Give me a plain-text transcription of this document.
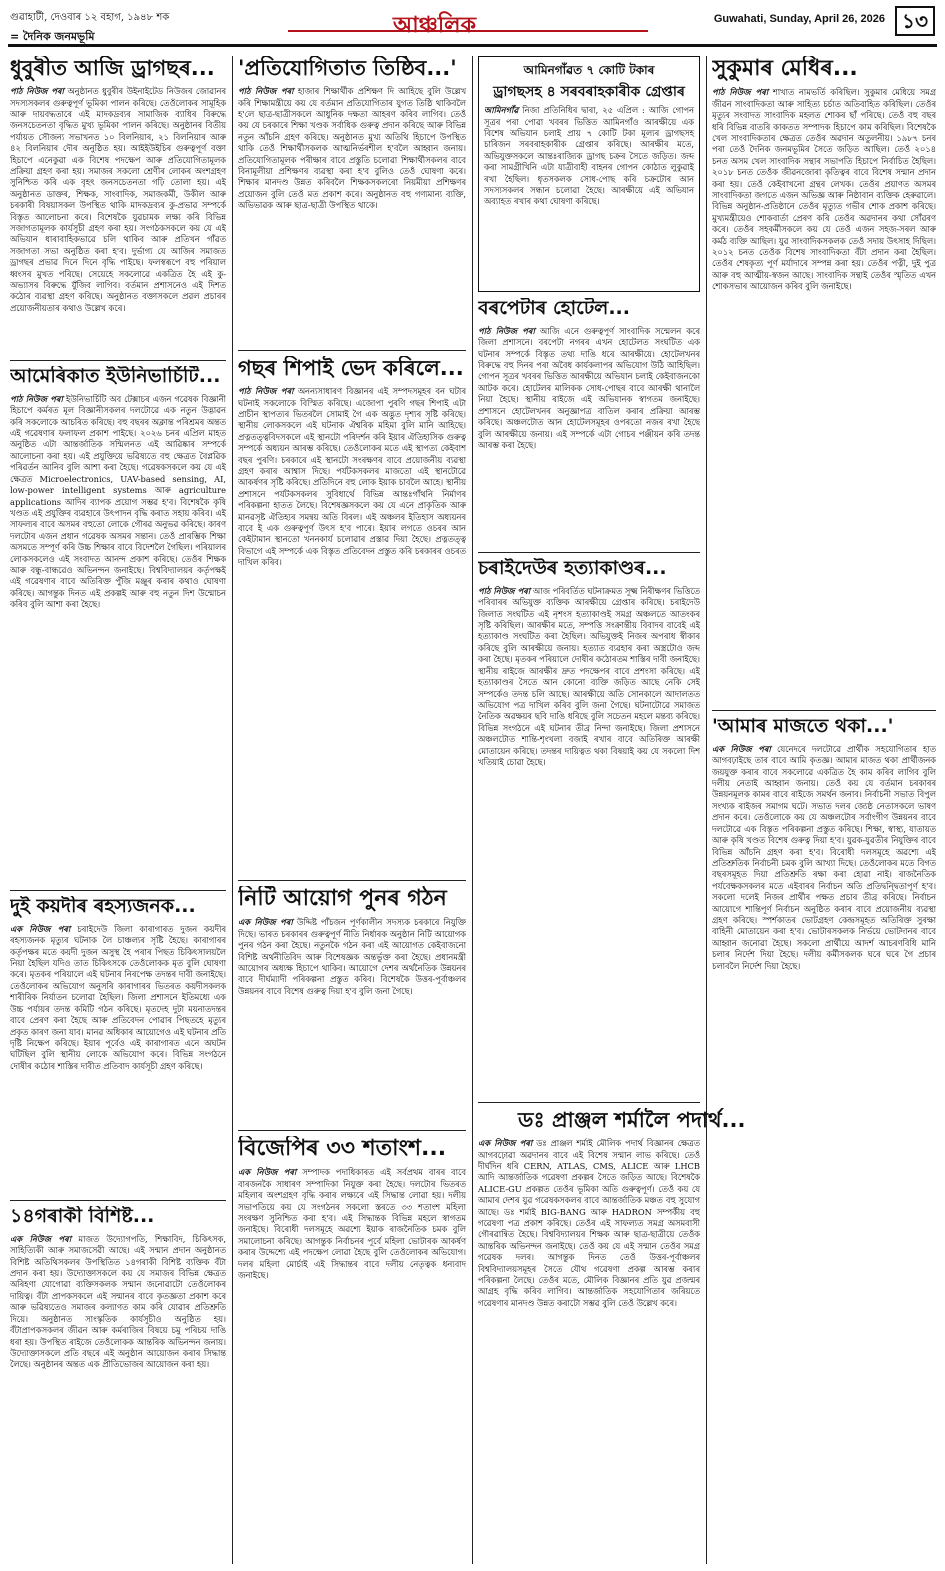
গুৱাহাটী, দেওবাৰ ১২ বহাগ, ১৯৪৮ শক
= দৈনিক জনমভূমি	আঞ্চলিক	Guwahati, Sunday, April 26, 2026 ১৩
ধুবুৰীত আজি ড্ৰাগছৰ...

পাঠ নিউজ পৰা অনুষ্ঠানত ধুবুৰীৰ উইনাইটেড নিউজৰ জোৱানৰ সদস্যসকলৰ গুৰুত্বপূৰ্ণ ভূমিকা পালন কৰিছে। তেওঁলোকৰ সামূহিক আৰু দায়বদ্ধতাৰে এই মাদকদ্ৰব্যৰ সামাজিক ব্যাধিৰ বিৰুদ্ধে জনসচেতনতা বৃদ্ধিত মুখ্য ভূমিকা পালন কৰিছে। অনুষ্ঠানৰ বিতীয় পৰ্যায়ত সৌজন্য সভাখনত ১০ বিলনিয়াৰ, ২১ বিলনিয়াৰ আৰু ৪২ বিলনিয়াৰ দৌৰ অনুষ্ঠিত হয়। আইইউইচিৰ গুৰুত্বপূৰ্ণ বক্তা হিচাপে এনেকুৱা এক বিশেষ পদক্ষেপ আৰু প্ৰতিযোগিতামূলক প্ৰক্ৰিয়া গ্ৰহণ কৰা হয়। সমাজৰ সকলো শ্ৰেণীৰ লোকৰ অংশগ্ৰহণ সুনিশ্চিত কৰি এক বৃহৎ জনসচেতনতা গঢ়ি তোলা হয়। এই অনুষ্ঠানত ডাক্তৰ, শিক্ষক, সাংবাদিক, সমাজকৰ্মী, উকীল আৰু চৰকাৰী বিষয়াসকল উপস্থিত থাকি মাদকদ্ৰব্যৰ কু-প্ৰভাৱ সম্পৰ্কে বিস্তৃত আলোচনা কৰে। বিশেষকৈ যুৱচামক লক্ষ্য কৰি বিভিন্ন সজাগতামূলক কাৰ্যসূচী গ্ৰহণ কৰা হয়। সংগঠকসকলে কয় যে এই অভিযান ধাৰাবাহিকভাৱে চলি থাকিব আৰু প্ৰতিখন গাঁৱত সজাগতা সভা অনুষ্ঠিত কৰা হ'ব। দুৰ্ভাগ্য যে আজিৰ সমাজত ড্ৰাগছৰ প্ৰভাৱ দিনে দিনে বৃদ্ধি পাইছে। ফলস্বৰূপে বহু পৰিয়াল ধ্বংসৰ মুখত পৰিছে। সেয়েহে সকলোৱে একত্ৰিত হৈ এই কু-অভ্যাসৰ বিৰুদ্ধে যুঁজিব লাগিব। বৰ্তমান প্ৰশাসনেও এই দিশত কঠোৰ ব্যৱস্থা গ্ৰহণ কৰিছে। অনুষ্ঠানত বক্তাসকলে প্ৰৱল প্ৰচাৰৰ প্ৰয়োজনীয়তাৰ কথাও উল্লেখ কৰে।

আমেৰিকাত ইউনিভাৰ্চিটি...

পাঠ নিউজ পৰা ইউনিভাৰ্চিটি অব টেক্সাচৰ এজন গৱেষক বিজ্ঞানী হিচাপে কৰ্মৰত মূল বিজ্ঞানীসকলৰ দলটোৱে এক নতুন উদ্ভাৱন কৰি সকলোকে আচৰিত কৰিছে। বহু বছৰৰ অক্লান্ত পৰিশ্ৰমৰ অন্তত এই গৱেষণাৰ ফলাফল প্ৰকাশ পাইছে। ২০২৬ চনৰ এপ্ৰিল মাহত অনুষ্ঠিত এটা আন্তৰ্জাতিক সন্মিলনত এই আৱিষ্কাৰ সম্পৰ্কে আলোচনা কৰা হয়। এই প্ৰযুক্তিয়ে ভৱিষ্যতে বহু ক্ষেত্ৰত বৈপ্লৱিক পৰিৱৰ্তন আনিব বুলি আশা কৰা হৈছে। গৱেষকসকলে কয় যে এই ক্ষেত্ৰত Microelectronics, UAV-based sensing, AI, low-power intelligent systems আৰু agriculture applications আদিৰ ব্যাপক প্ৰয়োগ সম্ভৱ হ'ব। বিশেষকৈ কৃষি খণ্ডত এই প্ৰযুক্তিৰ ব্যৱহাৰে উৎপাদন বৃদ্ধি কৰাত সহায় কৰিব। এই সাফল্যৰ বাবে অসমৰ বহুতো লোকে গৌৰৱ অনুভৱ কৰিছে। কাৰণ দলটোৰ এজন প্ৰধান গৱেষক অসমৰ সন্তান। তেওঁ প্ৰাৰম্ভিক শিক্ষা অসমতে সম্পূৰ্ণ কৰি উচ্চ শিক্ষাৰ বাবে বিদেশলৈ গৈছিল। পৰিয়ালৰ লোকসকলেও এই সংবাদত আনন্দ প্ৰকাশ কৰিছে। তেওঁৰ শিক্ষক আৰু বন্ধু-বান্ধৱেও অভিনন্দন জনাইছে। বিশ্ববিদ্যালয়ৰ কৰ্তৃপক্ষই এই গৱেষণাৰ বাবে অতিৰিক্ত পুঁজি মঞ্জুৰ কৰাৰ কথাও ঘোষণা কৰিছে। আগন্তুক দিনত এই প্ৰকল্পই আৰু বহু নতুন দিশ উন্মোচন কৰিব বুলি আশা কৰা হৈছে।

দুই কয়দীৰ ৰহস্যজনক...

এক নিউজ পৰা চৰাইদেউ জিলা কাৰাগাৰত দুজন কয়দীৰ ৰহস্যজনক মৃত্যুৰ ঘটনাক লৈ চাঞ্চল্যৰ সৃষ্টি হৈছে। কাৰাগাৰৰ কৰ্তৃপক্ষৰ মতে কয়দী দুজন অসুস্থ হৈ পৰাৰ পিছত চিকিৎসালয়লৈ নিয়া হৈছিল যদিও তাত চিকিৎসকে তেওঁলোকক মৃত বুলি ঘোষণা কৰে। মৃতকৰ পৰিয়ালে এই ঘটনাৰ নিৰপেক্ষ তদন্তৰ দাবী জনাইছে। তেওঁলোকৰ অভিযোগ অনুসৰি কাৰাগাৰৰ ভিতৰত কয়দীসকলক শাৰীৰিক নিৰ্যাতন চলোৱা হৈছিল। জিলা প্ৰশাসনে ইতিমধ্যে এক উচ্চ পৰ্যায়ৰ তদন্ত কমিটি গঠন কৰিছে। মৃতদেহ দুটা ময়নাতদন্তৰ বাবে প্ৰেৰণ কৰা হৈছে আৰু প্ৰতিবেদন পোৱাৰ পিছতহে মৃত্যুৰ প্ৰকৃত কাৰণ জনা যাব। মানৱ অধিকাৰ আয়োগেও এই ঘটনাৰ প্ৰতি দৃষ্টি নিক্ষেপ কৰিছে। ইয়াৰ পূৰ্বেও এই কাৰাগাৰত এনে অঘটন ঘটিছিল বুলি স্থানীয় লোকে অভিযোগ কৰে। বিভিন্ন সংগঠনে দোষীৰ কঠোৰ শাস্তিৰ দাবীত প্ৰতিবাদ কাৰ্যসূচী গ্ৰহণ কৰিছে।

১৪গৰাকী বিশিষ্ট...

এক নিউজ পৰা মাজত উদ্যোগপতি, শিক্ষাবিদ, চিকিৎসক, সাহিত্যিকী আৰু সমাজসেৱী আছে। এই সন্মান প্ৰদান অনুষ্ঠানত বিশিষ্ট অতিথিসকলৰ উপস্থিতিত ১৪গৰাকী বিশিষ্ট ব্যক্তিক বঁটা প্ৰদান কৰা হয়। উদ্যোক্তাসকলে কয় যে সমাজৰ বিভিন্ন ক্ষেত্ৰত অৰিহণা যোগোৱা ব্যক্তিসকলক সন্মান জনোৱাটো তেওঁলোকৰ দায়িত্ব। বঁটা প্ৰাপকসকলে এই সন্মানৰ বাবে কৃতজ্ঞতা প্ৰকাশ কৰে আৰু ভৱিষ্যতেও সমাজৰ কল্যাণত কাম কৰি যোৱাৰ প্ৰতিশ্ৰুতি দিয়ে। অনুষ্ঠানত সাংস্কৃতিক কাৰ্যসূচীও অনুষ্ঠিত হয়। বঁটাপ্ৰাপকসকলৰ জীৱন আৰু কৰ্মৰাজিৰ বিষয়ে চমু পৰিচয় দাঙি ধৰা হয়। উপস্থিত ৰাইজে তেওঁলোকক আন্তৰিক অভিনন্দন জনায়। উদ্যোক্তাসকলে প্ৰতি বছৰে এই অনুষ্ঠান আয়োজন কৰাৰ সিদ্ধান্ত লৈছে। অনুষ্ঠানৰ অন্তত এক প্ৰীতিভোজৰ আয়োজন কৰা হয়।

'প্ৰতিযোগিতাত তিষ্ঠিব...'

পাঠ নিউজ পৰা হাজাৰ শিক্ষাৰ্থীক প্ৰশিক্ষণ দি আহিছে বুলি উল্লেখ কৰি শিক্ষামন্ত্ৰীয়ে কয় যে বৰ্তমান প্ৰতিযোগিতাৰ যুগত তিষ্ঠি থাকিবলৈ হ'লে ছাত্ৰ-ছাত্ৰীসকলে আধুনিক দক্ষতা আহৰণ কৰিব লাগিব। তেওঁ কয় যে চৰকাৰে শিক্ষা খণ্ডক সৰ্বাধিক গুৰুত্ব প্ৰদান কৰিছে আৰু বিভিন্ন নতুন আঁচনি গ্ৰহণ কৰিছে। অনুষ্ঠানত মুখ্য অতিথি হিচাপে উপস্থিত থাকি তেওঁ শিক্ষাৰ্থীসকলক আত্মনিৰ্ভৰশীল হ'বলৈ আহ্বান জনায়। প্ৰতিযোগিতামূলক পৰীক্ষাৰ বাবে প্ৰস্তুতি চলোৱা শিক্ষাৰ্থীসকলৰ বাবে বিনামূলীয়া প্ৰশিক্ষণৰ ব্যৱস্থা কৰা হ'ব বুলিও তেওঁ ঘোষণা কৰে। শিক্ষাৰ মানদণ্ড উন্নত কৰিবলৈ শিক্ষকসকলৰো নিয়মীয়া প্ৰশিক্ষণৰ প্ৰয়োজন বুলি তেওঁ মত প্ৰকাশ কৰে। অনুষ্ঠানত বহু গণ্যমান্য ব্যক্তি, অভিভাৱক আৰু ছাত্ৰ-ছাত্ৰী উপস্থিত থাকে।

গছৰ শিপাই ভেদ কৰিলে...

পাঠ নিউজ পৰা অনন্যসাধাৰণ বিজ্ঞানৰ এই সম্পদসমূহৰ বন ঘটাৰ ঘটনাই সকলোকে বিস্মিত কৰিছে। এজোপা পুৰণি গছৰ শিপাই এটা প্ৰাচীন স্থাপত্যৰ ভিতৰলৈ সোমাই গৈ এক অদ্ভুত দৃশ্যৰ সৃষ্টি কৰিছে। স্থানীয় লোকসকলে এই ঘটনাক ঐশ্বৰিক মহিমা বুলি মানি আহিছে। প্ৰত্নতত্ত্ববিদসকলে এই স্থানটো পৰিদৰ্শন কৰি ইয়াৰ ঐতিহাসিক গুৰুত্ব সম্পৰ্কে অধ্যয়ন আৰম্ভ কৰিছে। তেওঁলোকৰ মতে এই স্থাপত্য কেইবাশ বছৰ পুৰণি। চৰকাৰে এই স্থানটো সংৰক্ষণৰ বাবে প্ৰয়োজনীয় ব্যৱস্থা গ্ৰহণ কৰাৰ আশ্বাস দিছে। পৰ্যটকসকলৰ মাজতো এই স্থানটোৱে আকৰ্ষণৰ সৃষ্টি কৰিছে। প্ৰতিদিনে বহু লোক ইয়াক চাবলৈ আহে। স্থানীয় প্ৰশাসনে পৰ্যটকসকলৰ সুবিধাৰ্থে বিভিন্ন আন্তঃগাঁথনি নিৰ্মাণৰ পৰিকল্পনা হাতত লৈছে। বিশেষজ্ঞসকলে কয় যে এনে প্ৰাকৃতিক আৰু মানৱসৃষ্ট ঐতিহ্যৰ সমন্বয় অতি বিৰল। এই অঞ্চলৰ ইতিহাস অধ্যয়নৰ বাবে ই এক গুৰুত্বপূৰ্ণ উৎস হ'ব পাৰে। ইয়াৰ লগতে ওচৰৰ আন কেইটামান স্থানতো খননকাৰ্য চলোৱাৰ প্ৰস্তাৱ দিয়া হৈছে। প্ৰত্নতত্ত্ব বিভাগে এই সম্পৰ্কে এক বিস্তৃত প্ৰতিবেদন প্ৰস্তুত কৰি চৰকাৰৰ ওচৰত দাখিল কৰিব।

নিটি আয়োগ পুনৰ গঠন

এক নিউজ পৰা উদ্দিষ্ট পাঁচজন পূৰ্ণকালীন সদস্যক চৰকাৰে নিযুক্তি দিছে। ভাৰত চৰকাৰৰ গুৰুত্বপূৰ্ণ নীতি নিৰ্ধাৰক অনুষ্ঠান নিটি আয়োগক পুনৰ গঠন কৰা হৈছে। নতুনকৈ গঠন কৰা এই আয়োগত কেইবাজনো বিশিষ্ট অৰ্থনীতিবিদ আৰু বিশেষজ্ঞক অন্তৰ্ভুক্ত কৰা হৈছে। প্ৰধানমন্ত্ৰী আয়োগৰ অধ্যক্ষ হিচাপে থাকিব। আয়োগে দেশৰ অৰ্থনৈতিক উন্নয়নৰ বাবে দীৰ্ঘম্যাদী পৰিকল্পনা প্ৰস্তুত কৰিব। বিশেষকৈ উত্তৰ-পূৰ্বাঞ্চলৰ উন্নয়নৰ বাবে বিশেষ গুৰুত্ব দিয়া হ'ব বুলি জনা গৈছে।

বিজেপিৰ ৩৩ শতাংশ...

এক নিউজ পৰা সম্পাদক পদাধিকাৰত এই সৰ্বপ্ৰথম বাৰৰ বাবে বাৰজনকৈ সাধাৰণ সম্পাদিকা নিযুক্ত কৰা হৈছে। দলটোৰ ভিতৰত মহিলাৰ অংশগ্ৰহণ বৃদ্ধি কৰাৰ লক্ষ্যৰে এই সিদ্ধান্ত লোৱা হয়। দলীয় সভাপতিয়ে কয় যে সংগঠনৰ সকলো স্তৰতে ৩৩ শতাংশ মহিলা সংৰক্ষণ সুনিশ্চিত কৰা হ'ব। এই সিদ্ধান্তক বিভিন্ন মহলে স্বাগতম জনাইছে। বিৰোধী দলসমূহে অৱশ্যে ইয়াক ৰাজনৈতিক চমক বুলি সমালোচনা কৰিছে। আগন্তুক নিৰ্বাচনৰ পূৰ্বে মহিলা ভোটাৰক আকৰ্ষণ কৰাৰ উদ্দেশ্যে এই পদক্ষেপ লোৱা হৈছে বুলি তেওঁলোকৰ অভিযোগ। দলৰ মহিলা মোৰ্চাই এই সিদ্ধান্তৰ বাবে দলীয় নেতৃত্বক ধন্যবাদ জনাইছে।

আমিনগাঁৱত ৭ কোটি টকাৰ
ড্ৰাগছসহ ৪ সৰবৰাহকাৰীক গ্ৰেপ্তাৰ

আমিনগাঁৱ নিজা প্ৰতিনিধিৰ দ্বাৰা, ২৫ এপ্ৰিল : আজি গোপন সূত্ৰৰ পৰা পোৱা খবৰৰ ভিত্তিত আমিনগাঁও আৰক্ষীয়ে এক বিশেষ অভিযান চলাই প্ৰায় ৭ কোটি টকা মূল্যৰ ড্ৰাগছসহ চাৰিজন সৰবৰাহকাৰীক গ্ৰেপ্তাৰ কৰিছে। আৰক্ষীৰ মতে, অভিযুক্তসকলে আন্তঃৰাজ্যিক ড্ৰাগছ চক্ৰৰ সৈতে জড়িত। জব্দ কৰা সামগ্ৰীখিনি এটা যাত্ৰীবাহী বাহনৰ গোপন কোঠাত লুকুৱাই ৰখা হৈছিল। ধৃতসকলক সোধ-পোছ কৰি চক্ৰটোৰ আন সদস্যসকলৰ সন্ধান চলোৱা হৈছে। আৰক্ষীয়ে এই অভিযান অব্যাহত ৰখাৰ কথা ঘোষণা কৰিছে।

বৰপেটাৰ হোটেল...

পাঠ নিউজ পৰা আজি এনে গুৰুত্বপূৰ্ণ সাংবাদিক সন্মেলন কৰে জিলা প্ৰশাসনে। বৰপেটা নগৰৰ এখন হোটেলত সংঘটিত এক ঘটনাৰ সম্পৰ্কে বিস্তৃত তথ্য দাঙি ধৰে আৰক্ষীয়ে। হোটেলখনৰ বিৰুদ্ধে বহু দিনৰ পৰা অবৈধ কাৰ্যকলাপৰ অভিযোগ উঠি আহিছিল। গোপন সূত্ৰৰ খবৰৰ ভিত্তিত আৰক্ষীয়ে অভিযান চলাই কেইবাজনকো আটক কৰে। হোটেলৰ মালিকক সোধ-পোছৰ বাবে আৰক্ষী থানালৈ নিয়া হৈছে। স্থানীয় ৰাইজে এই অভিযানক স্বাগতম জনাইছে। প্ৰশাসনে হোটেলখনৰ অনুজ্ঞাপত্ৰ বাতিল কৰাৰ প্ৰক্ৰিয়া আৰম্ভ কৰিছে। অঞ্চলটোত আন হোটেলসমূহৰ ওপৰতো নজৰ ৰখা হৈছে বুলি আৰক্ষীয়ে জনায়। এই সম্পৰ্কে এটা গোচৰ পঞ্জীয়ন কৰি তদন্ত আৰম্ভ কৰা হৈছে।

চৰাইদেউৰ হত্যাকাণ্ডৰ...

পাঠ নিউজ পৰা আজ পৰিবৰ্তিত ঘটনাক্ৰমত সূক্ষ্ম নিৰীক্ষণৰ ভিত্তিতে পৰিবাৰৰ অভিযুক্ত ব্যক্তিক আৰক্ষীয়ে গ্ৰেপ্তাৰ কৰিছে। চৰাইদেউ জিলাত সংঘটিত এই নৃশংস হত্যাকাণ্ডই সমগ্ৰ অঞ্চলতে আতংকৰ সৃষ্টি কৰিছিল। আৰক্ষীৰ মতে, সম্পত্তি সংক্ৰান্তীয় বিবাদৰ বাবেই এই হত্যাকাণ্ড সংঘটিত কৰা হৈছিল। অভিযুক্তই নিজৰ অপৰাধ স্বীকাৰ কৰিছে বুলি আৰক্ষীয়ে জনায়। হত্যাত ব্যৱহাৰ কৰা অস্ত্ৰটোও জব্দ কৰা হৈছে। মৃতকৰ পৰিয়ালে দোষীৰ কঠোৰতম শাস্তিৰ দাবী জনাইছে। স্থানীয় ৰাইজে আৰক্ষীৰ দ্ৰুত পদক্ষেপৰ বাবে প্ৰশংসা কৰিছে। এই হত্যাকাণ্ডৰ সৈতে আন কোনো ব্যক্তি জড়িত আছে নেকি সেই সম্পৰ্কেও তদন্ত চলি আছে। আৰক্ষীয়ে অতি সোনকালে আদালতত অভিযোগ পত্ৰ দাখিল কৰিব বুলি জনা গৈছে। ঘটনাটোৱে সমাজত নৈতিক অৱক্ষয়ৰ ছবি দাঙি ধৰিছে বুলি সচেতন মহলে মন্তব্য কৰিছে। বিভিন্ন সংগঠনে এই ঘটনাৰ তীব্ৰ নিন্দা জনাইছে। জিলা প্ৰশাসনে অঞ্চলটোত শান্তি-শৃংখলা বজাই ৰখাৰ বাবে অতিৰিক্ত আৰক্ষী মোতায়েন কৰিছে। তদন্তৰ দায়িত্বত থকা বিষয়াই কয় যে সকলো দিশ খতিয়াই চোৱা হৈছে।

ডঃ প্ৰাঞ্জল শৰ্মালৈ পদাৰ্থ...

এক নিউজ পৰা ডঃ প্ৰাঞ্জল শৰ্মাই মৌলিক পদাৰ্থ বিজ্ঞানৰ ক্ষেত্ৰত আগবঢ়োৱা অৱদানৰ বাবে এই বিশেষ সন্মান লাভ কৰিছে। তেওঁ দীৰ্ঘদিন ধৰি CERN, ATLAS, CMS, ALICE আৰু LHCB আদি আন্তৰ্জাতিক গৱেষণা প্ৰকল্পৰ সৈতে জড়িত আছে। বিশেষকৈ ALICE-GU প্ৰকল্পত তেওঁৰ ভূমিকা অতি গুৰুত্বপূৰ্ণ। তেওঁ কয় যে আমাৰ দেশৰ যুৱ গৱেষকসকলৰ বাবে আন্তৰ্জাতিক মঞ্চত বহু সুযোগ আছে। ডঃ শৰ্মাই BIG-BANG আৰু HADRON সম্পৰ্কীয় বহু গৱেষণা পত্ৰ প্ৰকাশ কৰিছে। তেওঁৰ এই সাফল্যত সমগ্ৰ অসমবাসী গৌৰৱান্বিত হৈছে। বিশ্ববিদ্যালয়ৰ শিক্ষক আৰু ছাত্ৰ-ছাত্ৰীয়ে তেওঁক আন্তৰিক অভিনন্দন জনাইছে। তেওঁ কয় যে এই সন্মান তেওঁৰ সমগ্ৰ গৱেষক দলৰ। আগন্তুক দিনত তেওঁ উত্তৰ-পূৰ্বাঞ্চলৰ বিশ্ববিদ্যালয়সমূহৰ সৈতে যৌথ গৱেষণা প্ৰকল্প আৰম্ভ কৰাৰ পৰিকল্পনা লৈছে। তেওঁৰ মতে, মৌলিক বিজ্ঞানৰ প্ৰতি যুৱ প্ৰজন্মৰ আগ্ৰহ বৃদ্ধি কৰিব লাগিব। আন্তৰ্জাতিক সহযোগিতাৰ জৰিয়তে গৱেষণাৰ মানদণ্ড উন্নত কৰাটো সম্ভৱ বুলি তেওঁ উল্লেখ কৰে।

সুকুমাৰ মেধিৰ...

পাঠ নিউজ পৰা শাখাত নামভৰ্তি কৰিছিল। সুকুমাৰ মেধিয়ে সমগ্ৰ জীৱন সাংবাদিকতা আৰু সাহিত্য চৰ্চাত অতিবাহিত কৰিছিল। তেওঁৰ মৃত্যুৰ সংবাদত সাংবাদিক মহলত শোকৰ ছাঁ পৰিছে। তেওঁ বহু বছৰ ধৰি বিভিন্ন বাতৰি কাকতত সম্পাদক হিচাপে কাম কৰিছিল। বিশেষকৈ খেল সাংবাদিকতাৰ ক্ষেত্ৰত তেওঁৰ অৱদান অতুলনীয়। ১৯৮৭ চনৰ পৰা তেওঁ দৈনিক জনমভূমিৰ সৈতে জড়িত আছিল। তেওঁ ২০১৪ চনত অসম খেল সাংবাদিক সন্থাৰ সভাপতি হিচাপে নিৰ্বাচিত হৈছিল। ২০১৮ চনত তেওঁক জীৱনজোৰা কৃতিত্বৰ বাবে বিশেষ সন্মান প্ৰদান কৰা হয়। তেওঁ কেইবাখনো গ্ৰন্থৰ লেখক। তেওঁৰ প্ৰয়াণত অসমৰ সাংবাদিকতা জগতে এজন অভিজ্ঞ আৰু নিষ্ঠাবান ব্যক্তিক হেৰুৱালে। বিভিন্ন অনুষ্ঠান-প্ৰতিষ্ঠানে তেওঁৰ মৃত্যুত গভীৰ শোক প্ৰকাশ কৰিছে। মুখ্যমন্ত্ৰীয়েও শোকবাৰ্তা প্ৰেৰণ কৰি তেওঁৰ অৱদানৰ কথা সোঁৱৰণ কৰে। তেওঁৰ সহকৰ্মীসকলে কয় যে তেওঁ এজন সহজ-সৰল আৰু কৰ্মঠ ব্যক্তি আছিল। যুৱ সাংবাদিকসকলক তেওঁ সদায় উৎসাহ দিছিল। ২০১২ চনত তেওঁক বিশেষ সাংবাদিকতা বঁটা প্ৰদান কৰা হৈছিল। তেওঁৰ শেষকৃত্য পূৰ্ণ মৰ্যাদাৰে সম্পন্ন কৰা হয়। তেওঁৰ পত্নী, দুই পুত্ৰ আৰু বহু আত্মীয়-স্বজন আছে। সাংবাদিক সন্থাই তেওঁৰ স্মৃতিত এখন শোকসভাৰ আয়োজন কৰিব বুলি জনাইছে।

'আমাৰ মাজতে থকা...'

এক নিউজ পৰা যেনেদৰে দলটোৱে প্ৰাৰ্থীক সহযোগিতাৰ হাত আগবঢ়াইছে তাৰ বাবে আমি কৃতজ্ঞ। আমাৰ মাজত থকা প্ৰাৰ্থীজনক জয়যুক্ত কৰাৰ বাবে সকলোৱে একত্ৰিত হৈ কাম কৰিব লাগিব বুলি দলীয় নেতাই আহ্বান জনায়। তেওঁ কয় যে বৰ্তমান চৰকাৰৰ উন্নয়নমূলক কামৰ বাবে ৰাইজে সমৰ্থন জনাব। নিৰ্বাচনী সভাত বিপুল সংখ্যক ৰাইজৰ সমাগম ঘটে। সভাত দলৰ জ্যেষ্ঠ নেতাসকলে ভাষণ প্ৰদান কৰে। তেওঁলোকে কয় যে অঞ্চলটোৰ সৰ্বাংগীণ উন্নয়নৰ বাবে দলটোৱে এক বিস্তৃত পৰিকল্পনা প্ৰস্তুত কৰিছে। শিক্ষা, স্বাস্থ্য, যাতায়ত আৰু কৃষি খণ্ডত বিশেষ গুৰুত্ব দিয়া হ'ব। যুৱক-যুৱতীৰ নিযুক্তিৰ বাবে বিভিন্ন আঁচনি গ্ৰহণ কৰা হ'ব। বিৰোধী দলসমূহে অৱশ্যে এই প্ৰতিশ্ৰুতিক নিৰ্বাচনী চমক বুলি আখ্যা দিছে। তেওঁলোকৰ মতে বিগত বছৰসমূহত দিয়া প্ৰতিশ্ৰুতি ৰক্ষা কৰা হোৱা নাই। ৰাজনৈতিক পৰ্যবেক্ষকসকলৰ মতে এইবাৰৰ নিৰ্বাচন অতি প্ৰতিদ্বন্দ্বিতাপূৰ্ণ হ'ব। সকলো দলেই নিজৰ প্ৰাৰ্থীৰ পক্ষত প্ৰচাৰ তীব্ৰ কৰিছে। নিৰ্বাচন আয়োগে শান্তিপূৰ্ণ নিৰ্বাচন অনুষ্ঠিত কৰাৰ বাবে প্ৰয়োজনীয় ব্যৱস্থা গ্ৰহণ কৰিছে। স্পৰ্শকাতৰ ভোটগ্ৰহণ কেন্দ্ৰসমূহত অতিৰিক্ত সুৰক্ষা বাহিনী মোতায়েন কৰা হ'ব। ভোটাৰসকলক নিৰ্ভয়ে ভোটদানৰ বাবে আহ্বান জনোৱা হৈছে। সকলো প্ৰাৰ্থীয়ে আদৰ্শ আচৰণবিধি মানি চলাৰ নিৰ্দেশ দিয়া হৈছে। দলীয় কৰ্মীসকলক ঘৰে ঘৰে গৈ প্ৰচাৰ চলাবলৈ নিৰ্দেশ দিয়া হৈছে।
